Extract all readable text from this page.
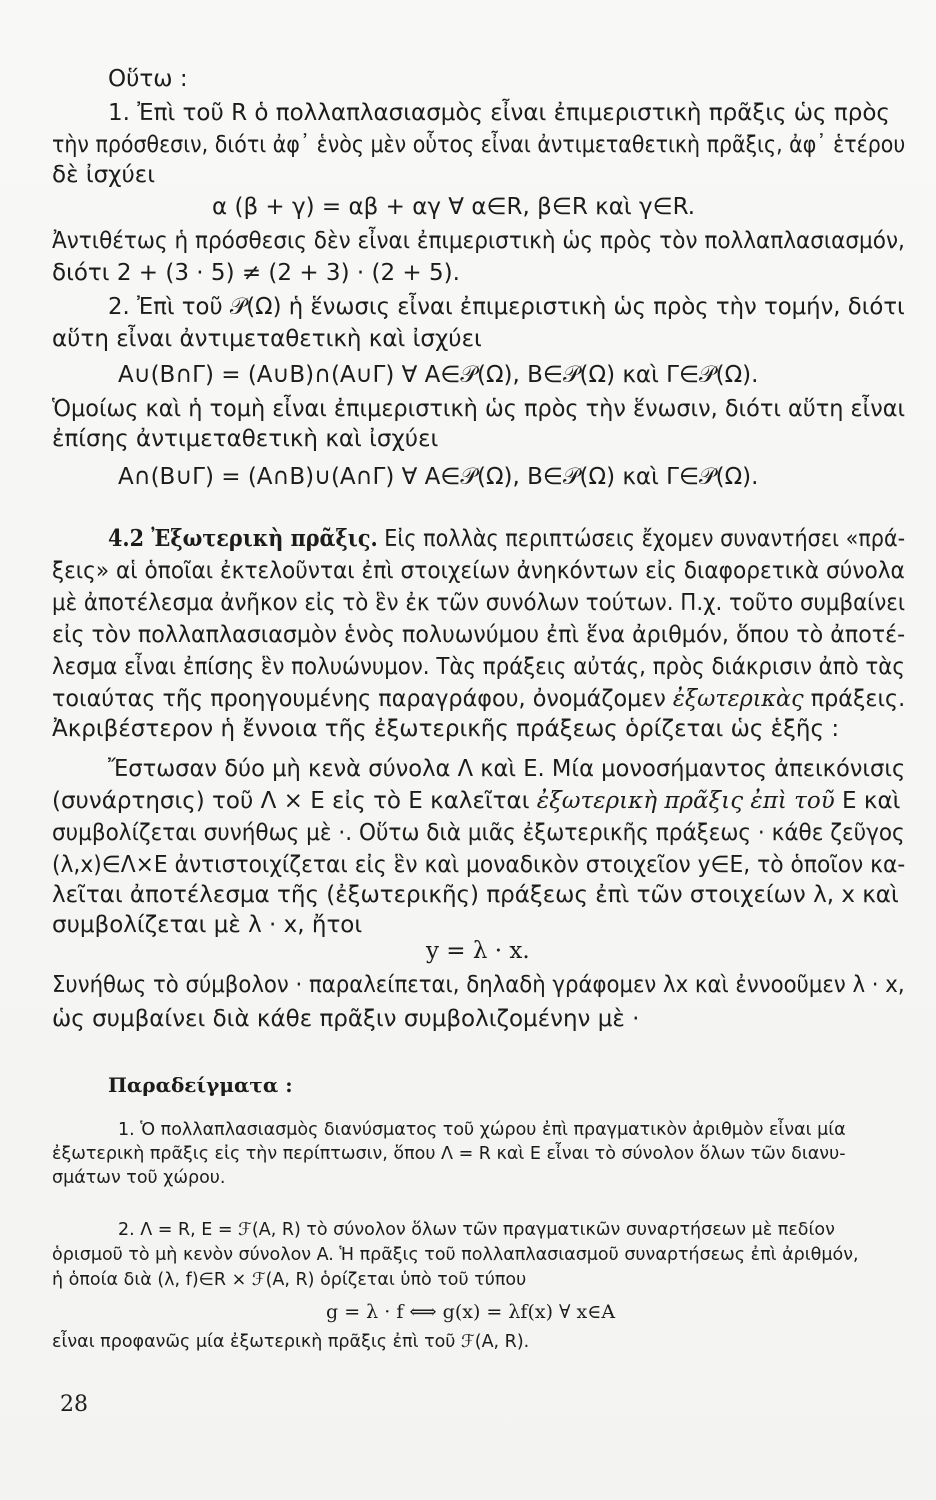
Οὕτω :
1. Ἐπὶ τοῦ R ὁ πολλαπλασιασμὸς εἶναι ἐπιμεριστικὴ πρᾶξις ὡς πρὸς
τὴν πρόσθεσιν, διότι ἀφ᾽ ἑνὸς μὲν οὗτος εἶναι ἀντιμεταθετικὴ πρᾶξις, ἀφ᾽ ἑτέρου
δὲ ἰσχύει
α (β + γ) = αβ + αγ ∀ α∈R, β∈R καὶ γ∈R.
Ἀντιθέτως ἡ πρόσθεσις δὲν εἶναι ἐπιμεριστικὴ ὡς πρὸς τὸν πολλαπλασιασμόν,
διότι 2 + (3 · 5) ≠ (2 + 3) · (2 + 5).
2. Ἐπὶ τοῦ 𝒫(Ω) ἡ ἕνωσις εἶναι ἐπιμεριστικὴ ὡς πρὸς τὴν τομήν, διότι
αὕτη εἶναι ἀντιμεταθετικὴ καὶ ἰσχύει
A∪(B∩Γ) = (A∪B)∩(A∪Γ) ∀ A∈𝒫(Ω), B∈𝒫(Ω) καὶ Γ∈𝒫(Ω).
Ὁμοίως καὶ ἡ τομὴ εἶναι ἐπιμεριστικὴ ὡς πρὸς τὴν ἕνωσιν, διότι αὕτη εἶναι
ἐπίσης ἀντιμεταθετικὴ καὶ ἰσχύει
A∩(B∪Γ) = (A∩B)∪(A∩Γ) ∀ A∈𝒫(Ω), B∈𝒫(Ω) καὶ Γ∈𝒫(Ω).
4.2 Ἐξωτερικὴ πρᾶξις. Εἰς πολλὰς περιπτώσεις ἔχομεν συναντήσει «πρά-
ξεις» αἱ ὁποῖαι ἐκτελοῦνται ἐπὶ στοιχείων ἀνηκόντων εἰς διαφορετικὰ σύνολα
μὲ ἀποτέλεσμα ἀνῆκον εἰς τὸ ἓν ἐκ τῶν συνόλων τούτων. Π.χ. τοῦτο συμβαίνει
εἰς τὸν πολλαπλασιασμὸν ἑνὸς πολυωνύμου ἐπὶ ἕνα ἀριθμόν, ὅπου τὸ ἀποτέ-
λεσμα εἶναι ἐπίσης ἓν πολυώνυμον. Τὰς πράξεις αὐτάς, πρὸς διάκρισιν ἀπὸ τὰς
τοιαύτας τῆς προηγουμένης παραγράφου, ὀνομάζομεν ἐξωτερικὰς πράξεις.
Ἀκριβέστερον ἡ ἔννοια τῆς ἐξωτερικῆς πράξεως ὁρίζεται ὡς ἑξῆς :
Ἔστωσαν δύο μὴ κενὰ σύνολα Λ καὶ E. Μία μονοσήμαντος ἀπεικόνισις
(συνάρτησις) τοῦ Λ × E εἰς τὸ E καλεῖται ἐξωτερικὴ πρᾶξις ἐπὶ τοῦ E καὶ
συμβολίζεται συνήθως μὲ ·. Οὕτω διὰ μιᾶς ἐξωτερικῆς πράξεως · κάθε ζεῦγος
(λ,x)∈Λ×E ἀντιστοιχίζεται εἰς ἓν καὶ μοναδικὸν στοιχεῖον y∈E, τὸ ὁποῖον κα-
λεῖται ἀποτέλεσμα τῆς (ἐξωτερικῆς) πράξεως ἐπὶ τῶν στοιχείων λ, x καὶ
συμβολίζεται μὲ λ · x, ἤτοι
y = λ · x.
Συνήθως τὸ σύμβολον · παραλείπεται, δηλαδὴ γράφομεν λx καὶ ἐννοοῦμεν λ · x,
ὡς συμβαίνει διὰ κάθε πρᾶξιν συμβολιζομένην μὲ ·
Παραδείγματα :
1. Ὁ πολλαπλασιασμὸς διανύσματος τοῦ χώρου ἐπὶ πραγματικὸν ἀριθμὸν εἶναι μία
ἐξωτερικὴ πρᾶξις εἰς τὴν περίπτωσιν, ὅπου Λ = R καὶ E εἶναι τὸ σύνολον ὅλων τῶν διανυ-
σμάτων τοῦ χώρου.
2. Λ = R, E = ℱ(A, R) τὸ σύνολον ὅλων τῶν πραγματικῶν συναρτήσεων μὲ πεδίον
ὁρισμοῦ τὸ μὴ κενὸν σύνολον A. Ἡ πρᾶξις τοῦ πολλαπλασιασμοῦ συναρτήσεως ἐπὶ ἀριθμόν,
ἡ ὁποία διὰ (λ, f)∈R × ℱ(A, R) ὁρίζεται ὑπὸ τοῦ τύπου
g = λ · f ⟺ g(x) = λf(x) ∀ x∈A
εἶναι προφανῶς μία ἐξωτερικὴ πρᾶξις ἐπὶ τοῦ ℱ(A, R).
28
